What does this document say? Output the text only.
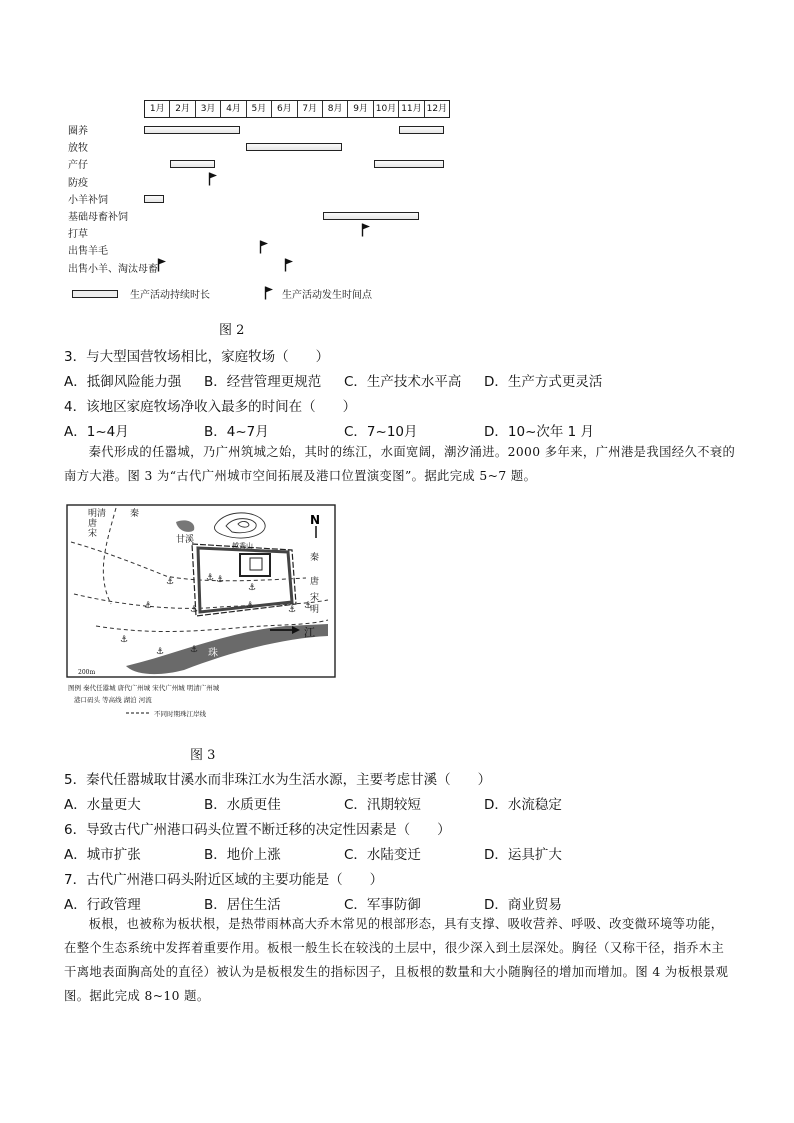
1月	2月	3月	4月	5月	6月	7月	8月	9月 10月 11月 12月
圈养
放牧
产仔
防疫
小羊补饲
基础母畜补饲
打草
出售羊毛
出售小羊、淘汰母畜
生产活动持续时长	生产活动发生时间点
图 2
3．与大型国营牧场相比，家庭牧场（　　）
A．抵御风险能力强	B．经营管理更规范	C．生产技术水平高	D．生产方式更灵活
4．该地区家庭牧场净收入最多的时间在（　　）
A．1~4月	B．4~7月	C．7~10月	D．10~次年 1 月
秦代形成的任嚣城，乃广州筑城之始，其时的练江，水面宽阔，潮汐涌进。2000 多年来，广州港是我国经久不衰的南方大港。图 3 为“古代广州城市空间拓展及港口位置演变图”。据此完成 5~7 题。
⚓	⚓ ⚓
⚓
⚓	⚓	⚓	⚓ ⚓
⚓	⚓
⚓
明清
唐
宋
秦
甘溪
越秀山
秦
唐
宋
明
江
珠
200m
N
图例 秦代任嚣城 唐代广州城 宋代广州城 明清广州城
港口码头 等高线 湖泊 河流
不同时期珠江岸线
图 3
5．秦代任嚣城取甘溪水而非珠江水为生活水源，主要考虑甘溪（　　）
A．水量更大	B．水质更佳	C．汛期较短	D．水流稳定
6．导致古代广州港口码头位置不断迁移的决定性因素是（　　）
A．城市扩张	B．地价上涨	C．水陆变迁	D．运具扩大
7．古代广州港口码头附近区域的主要功能是（　　）
A．行政管理	B．居住生活	C．军事防御	D．商业贸易
板根，也被称为板状根，是热带雨林高大乔木常见的根部形态，具有支撑、吸收营养、呼吸、改变微环境等功能，在整个生态系统中发挥着重要作用。板根一般生长在较浅的土层中，很少深入到土层深处。胸径（又称干径，指乔木主干离地表面胸高处的直径）被认为是板根发生的指标因子，且板根的数量和大小随胸径的增加而增加。图 4 为板根景观图。据此完成 8~10 题。
